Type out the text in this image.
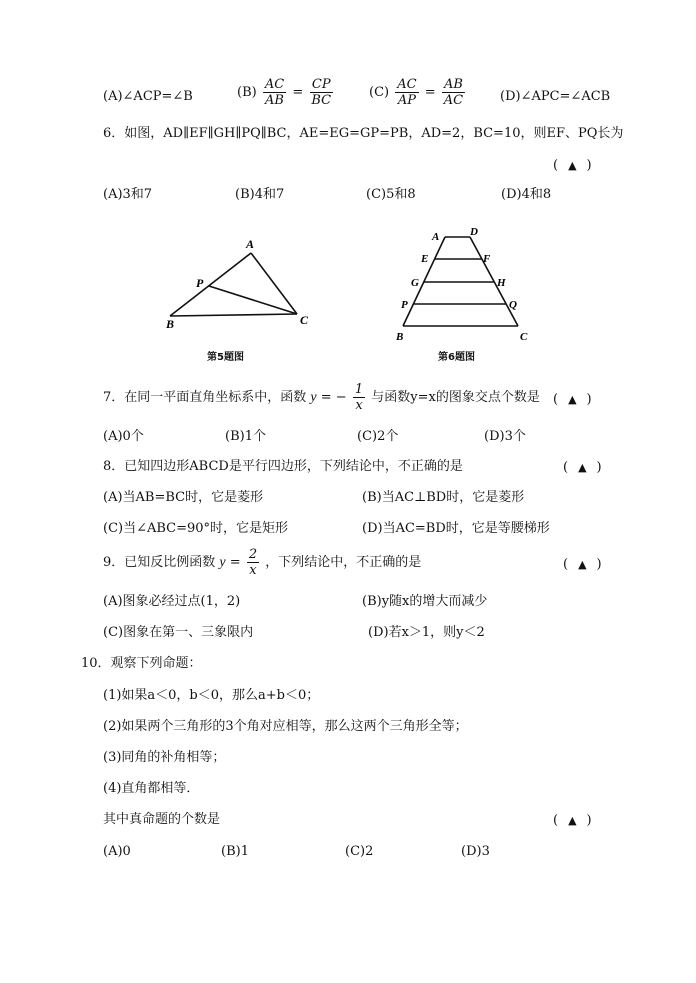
(A)∠ACP=∠B	$(B) \frac{AC}{AB} = \frac{CP}{BC}$	$(C) \frac{AC}{AP} = \frac{AB}{AC}$	(D)∠APC=∠ACB
6．如图，AD∥EF∥GH∥PQ∥BC，AE=EG=GP=PB，AD=2，BC=10，则EF、PQ长为
( ▲ )
(A)3和7	(B)4和7	(C)5和8	(D)4和8
A
P
B	C
第5题图
A	D
E	F
G	H
P	Q
B	C
第6题图
7．在同一平面直角坐标系中，函数 y = − $\frac{1}{x}$ 与函数y=x的图象交点个数是 ( ▲ )
(A)0个	(B)1个	(C)2个	(D)3个
8．已知四边形ABCD是平行四边形，下列结论中，不正确的是	( ▲ )
(A)当AB=BC时，它是菱形	(B)当AC⊥BD时，它是菱形
(C)当∠ABC=90°时，它是矩形	(D)当AC=BD时，它是等腰梯形
9．已知反比例函数 $y = \frac{2}{x}$ ，下列结论中，不正确的是	( ▲ )
(A)图象必经过点(1，2)	(B)y随x的增大而减少
(C)图象在第一、三象限内	(D)若x＞1，则y＜2
10．观察下列命题：
(1)如果a＜0，b＜0，那么a+b＜0；
(2)如果两个三角形的3个角对应相等，那么这两个三角形全等；
(3)同角的补角相等；
(4)直角都相等．
其中真命题的个数是	( ▲ )
(A)0	(B)1	(C)2	(D)3
